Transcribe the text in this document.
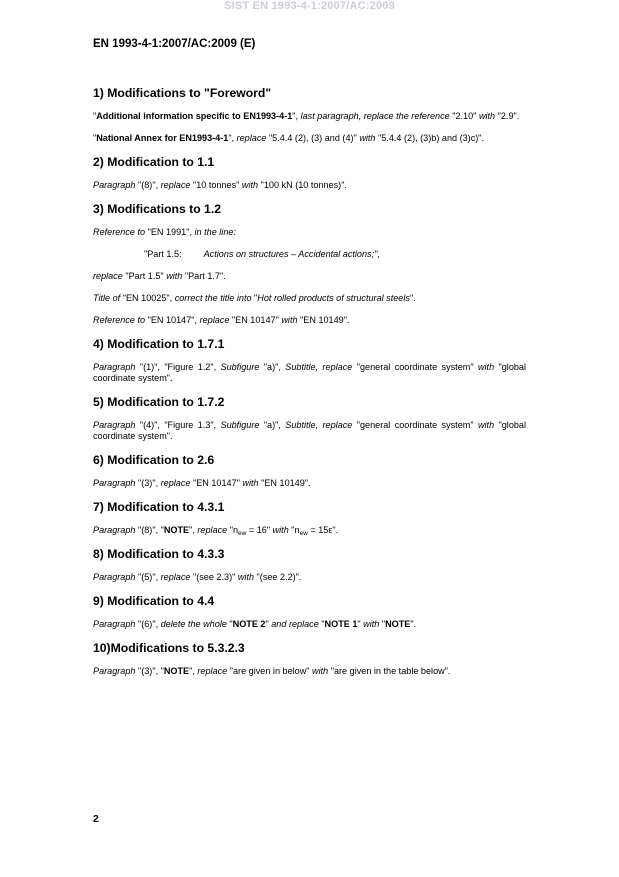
SIST EN 1993-4-1:2007/AC:2009
EN 1993-4-1:2007/AC:2009 (E)
1) Modifications to "Foreword"

"Additional information specific to EN1993-4-1", last paragraph, replace the reference "2.10" with "2.9".

"National Annex for EN1993-4-1", replace "5.4.4 (2), (3) and (4)" with "5.4.4 (2), (3)b) and (3)c)".

2) Modification to 1.1

Paragraph "(8)", replace "10 tonnes" with "100 kN (10 tonnes)".

3) Modifications to 1.2

Reference to "EN 1991", in the line:

"Part 1.5: Actions on structures – Accidental actions;",

replace "Part 1.5" with "Part 1.7".

Title of "EN 10025", correct the title into "Hot rolled products of structural steels".

Reference to "EN 10147", replace "EN 10147" with "EN 10149".

4) Modification to 1.7.1

Paragraph "(1)", "Figure 1.2", Subfigure "a)", Subtitle, replace "general coordinate system" with "global coordinate system".

5) Modification to 1.7.2

Paragraph "(4)", "Figure 1.3", Subfigure "a)", Subtitle, replace "general coordinate system" with "global coordinate system".

6) Modification to 2.6

Paragraph "(3)", replace "EN 10147" with "EN 10149".

7) Modification to 4.3.1

Paragraph "(8)", "NOTE", replace "$n_{ew} = 16$" with "$n_{ew} = 15\varepsilon$".

8) Modification to 4.3.3

Paragraph "(5)", replace "(see 2.3)" with "(see 2.2)".

9) Modification to 4.4

Paragraph "(6)", delete the whole "NOTE 2" and replace "NOTE 1" with "NOTE".

10)Modifications to 5.3.2.3

Paragraph "(3)", "NOTE", replace "are given in below" with "are given in the table below".

2
